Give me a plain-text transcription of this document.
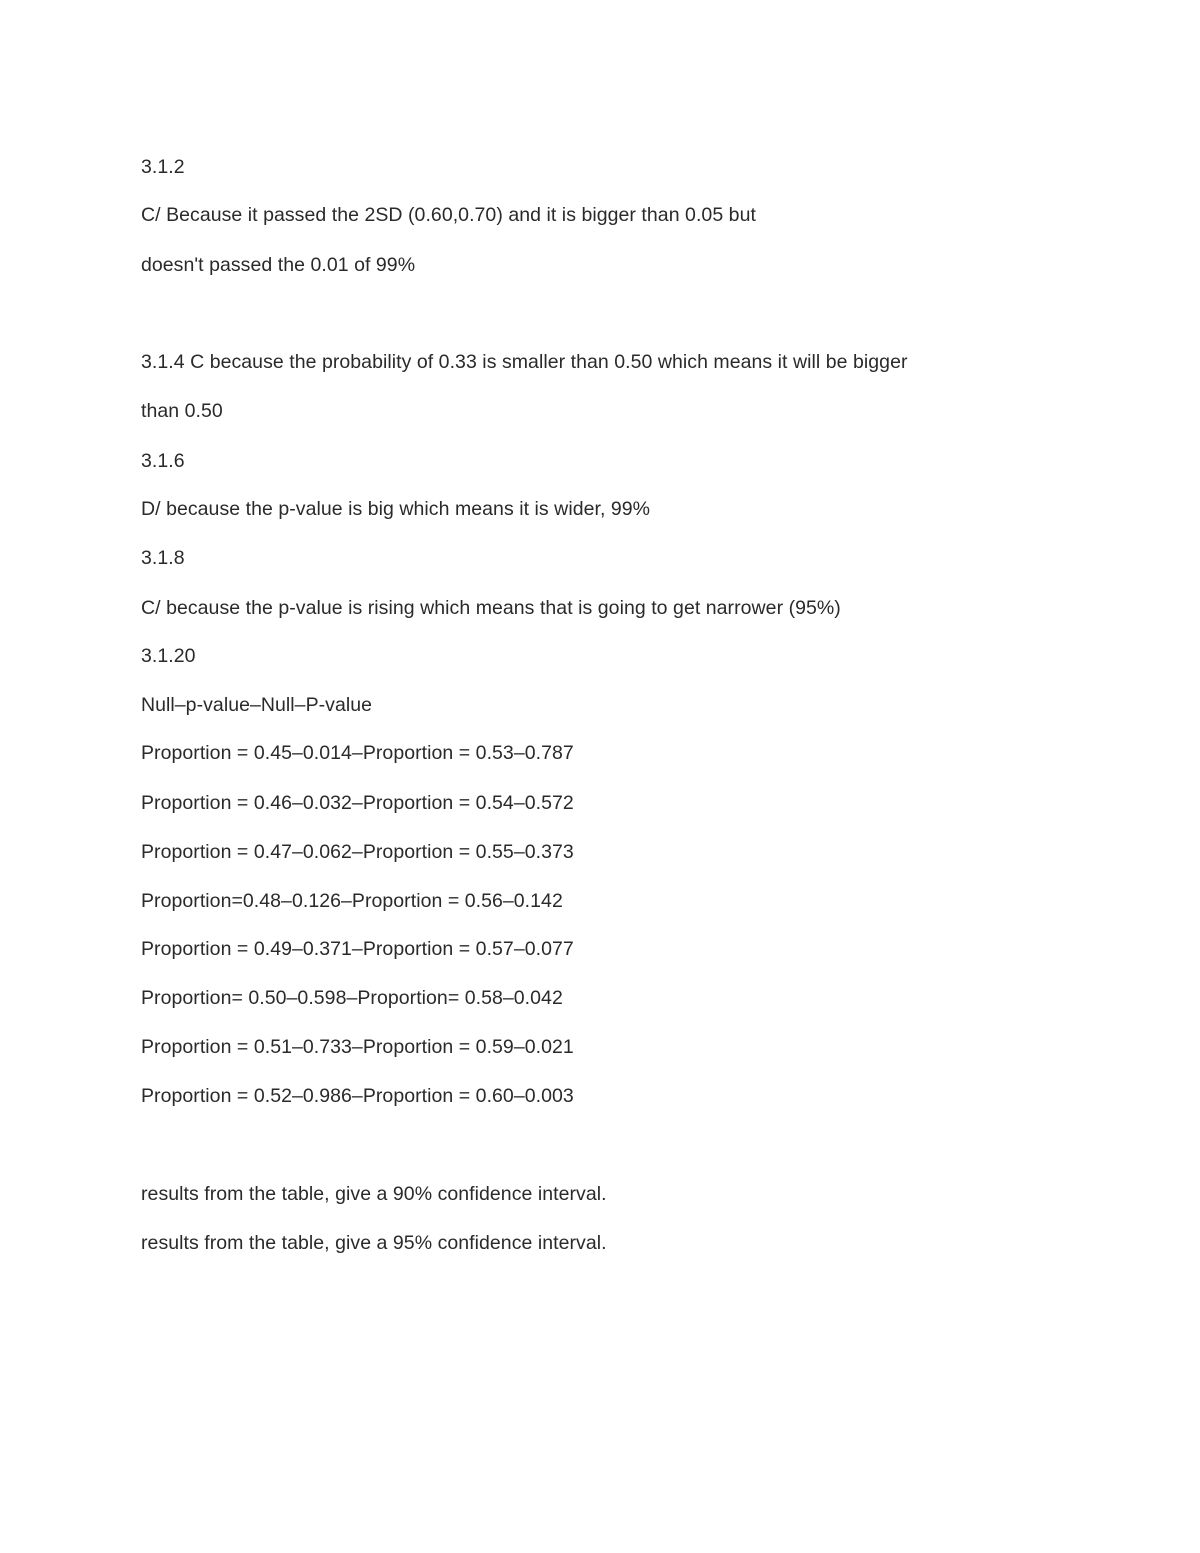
3.1.2

C/ Because it passed the 2SD (0.60,0.70) and it is bigger than 0.05 but

doesn't passed the 0.01 of 99%

3.1.4 C because the probability of 0.33 is smaller than 0.50 which means it will be bigger

than 0.50

3.1.6

D/ because the p-value is big which means it is wider, 99%

3.1.8

C/ because the p-value is rising which means that is going to get narrower (95%)

3.1.20

Null–p-value–Null–P-value

Proportion = 0.45–0.014–Proportion = 0.53–0.787

Proportion = 0.46–0.032–Proportion = 0.54–0.572

Proportion = 0.47–0.062–Proportion = 0.55–0.373

Proportion=0.48–0.126–Proportion = 0.56–0.142

Proportion = 0.49–0.371–Proportion = 0.57–0.077

Proportion= 0.50–0.598–Proportion= 0.58–0.042

Proportion = 0.51–0.733–Proportion = 0.59–0.021

Proportion = 0.52–0.986–Proportion = 0.60–0.003

results from the table, give a 90% confidence interval.

results from the table, give a 95% confidence interval.
